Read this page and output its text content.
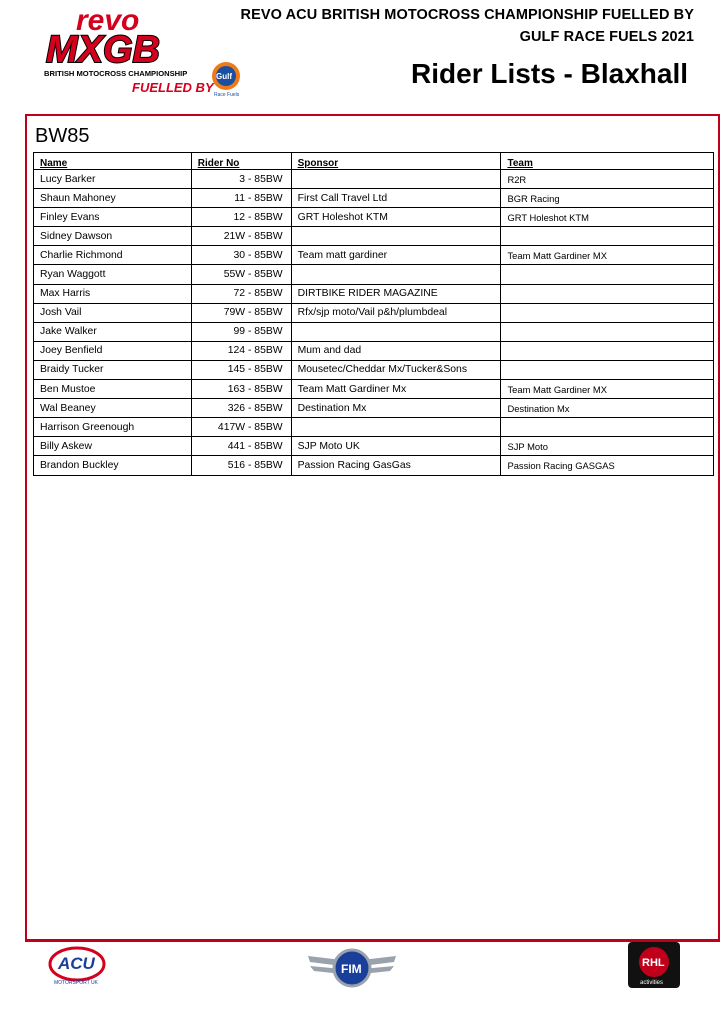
revo
MXGB
BRITISH MOTOCROSS CHAMPIONSHIP
FUELLED BY
Gulf
Race Fuels
REVO ACU BRITISH MOTOCROSS CHAMPIONSHIP FUELLED BY
GULF RACE FUELS 2021
Rider Lists - Blaxhall
BW85
Name	Rider No	Sponsor	Team
Lucy Barker	3 - 85BW		R2R
Shaun Mahoney	11 - 85BW	First Call Travel Ltd	BGR Racing
Finley Evans	12 - 85BW	GRT Holeshot KTM	GRT Holeshot KTM
Sidney Dawson	21W - 85BW		
Charlie Richmond	30 - 85BW	Team matt gardiner	Team Matt Gardiner MX
Ryan Waggott	55W - 85BW		
Max Harris	72 - 85BW	DIRTBIKE RIDER MAGAZINE	
Josh Vail	79W - 85BW	Rfx/sjp moto/Vail p&h/plumbdeal	
Jake Walker	99 - 85BW		
Joey Benfield	124 - 85BW	Mum and dad	
Braidy Tucker	145 - 85BW	Mousetec/Cheddar Mx/Tucker&Sons	
Ben Mustoe	163 - 85BW	Team Matt Gardiner Mx	Team Matt Gardiner MX
Wal Beaney	326 - 85BW	Destination Mx	Destination Mx
Harrison Greenough	417W - 85BW		
Billy Askew	441 - 85BW	SJP Moto UK	SJP Moto
Brandon Buckley	516 - 85BW	Passion Racing GasGas	Passion Racing GASGAS
ACU
MOTORSPORT UK
FIM	RHL
activities
